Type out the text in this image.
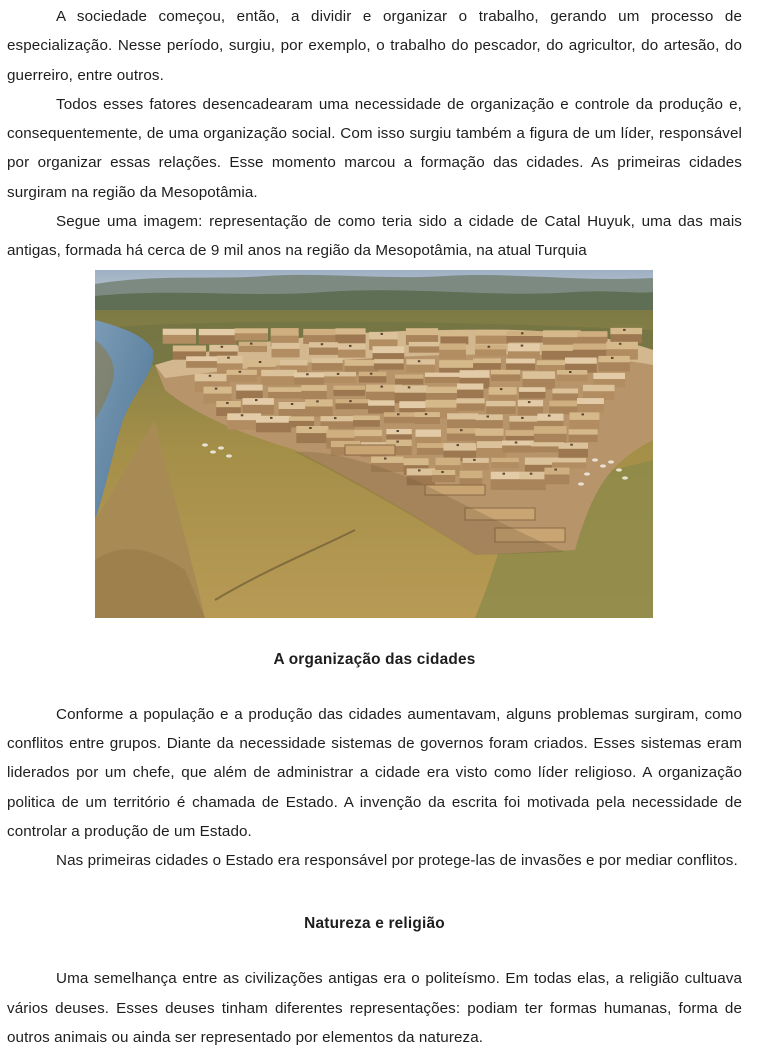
A sociedade começou, então, a dividir e organizar o trabalho, gerando um processo de especialização. Nesse período, surgiu, por exemplo, o trabalho do pescador, do agricultor, do artesão, do guerreiro, entre outros.

Todos esses fatores desencadearam uma necessidade de organização e controle da produção e, consequentemente, de uma organização social. Com isso surgiu também a figura de um líder, responsável por organizar essas relações. Esse momento marcou a formação das cidades. As primeiras cidades surgiram na região da Mesopotâmia.

Segue uma imagem: representação de como teria sido a cidade de Catal Huyuk, uma das mais antigas, formada há cerca de 9 mil anos na região da Mesopotâmia, na atual Turquia

A organização das cidades

Conforme a população e a produção das cidades aumentavam, alguns problemas surgiram, como conflitos entre grupos. Diante da necessidade sistemas de governos foram criados. Esses sistemas eram liderados por um chefe, que além de administrar a cidade era visto como líder religioso. A organização politica de um território é chamada de Estado. A invenção da escrita foi motivada pela necessidade de controlar a produção de um Estado.

Nas primeiras cidades o Estado era responsável por protege-las de invasões e por mediar conflitos.

Natureza e religião

Uma semelhança entre as civilizações antigas era o politeísmo. Em todas elas, a religião cultuava vários deuses. Esses deuses tinham diferentes representações: podiam ter formas humanas, forma de outros animais ou ainda ser representado por elementos da natureza.
